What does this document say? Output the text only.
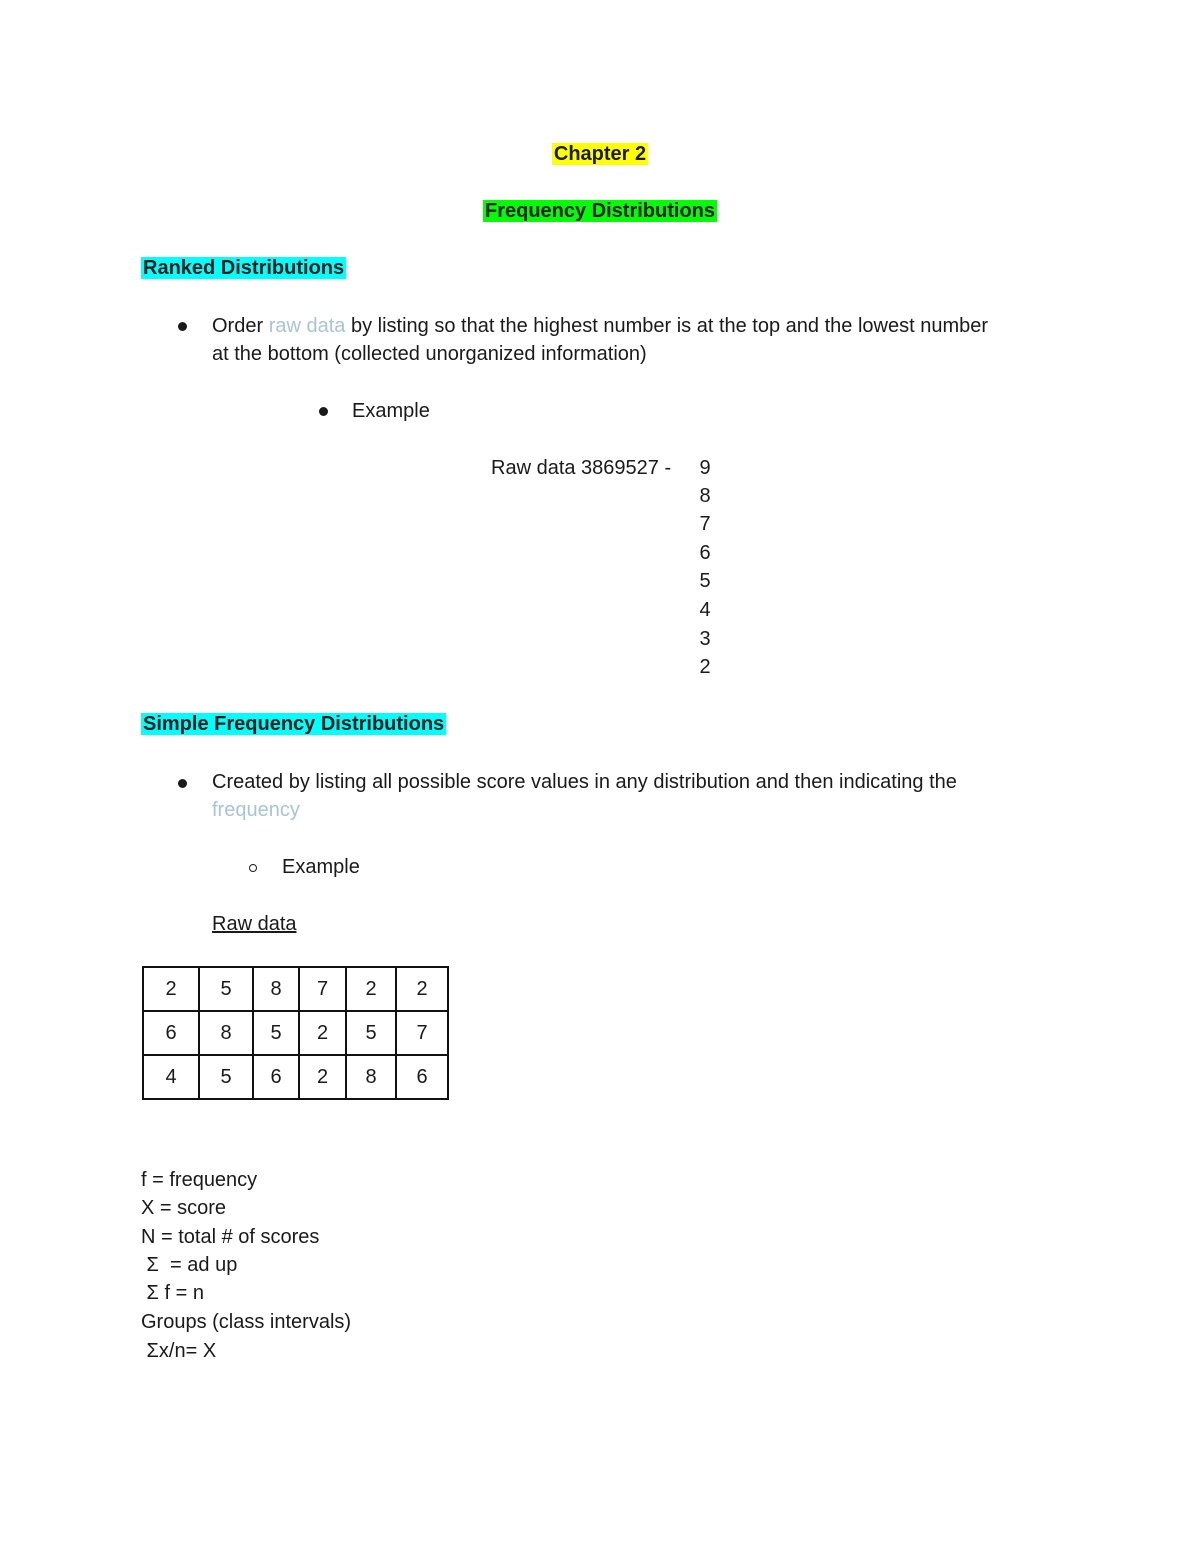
Chapter 2
Frequency Distributions
Ranked Distributions
Order raw data by listing so that the highest number is at the top and the lowest number
at the bottom (collected unorganized information)
Example
Raw data 3869527 - 9
8
7
6
5
4
3
2
Simple Frequency Distributions
Created by listing all possible score values in any distribution and then indicating the
frequency
Example
Raw data
2	5	8	7	2	2
6	8	5	2	5	7
4	5	6	2	8	6
f = frequency
X = score
N = total # of scores
Σ  = ad up
Σ f = n
Groups (class intervals)
Σx/n= X
